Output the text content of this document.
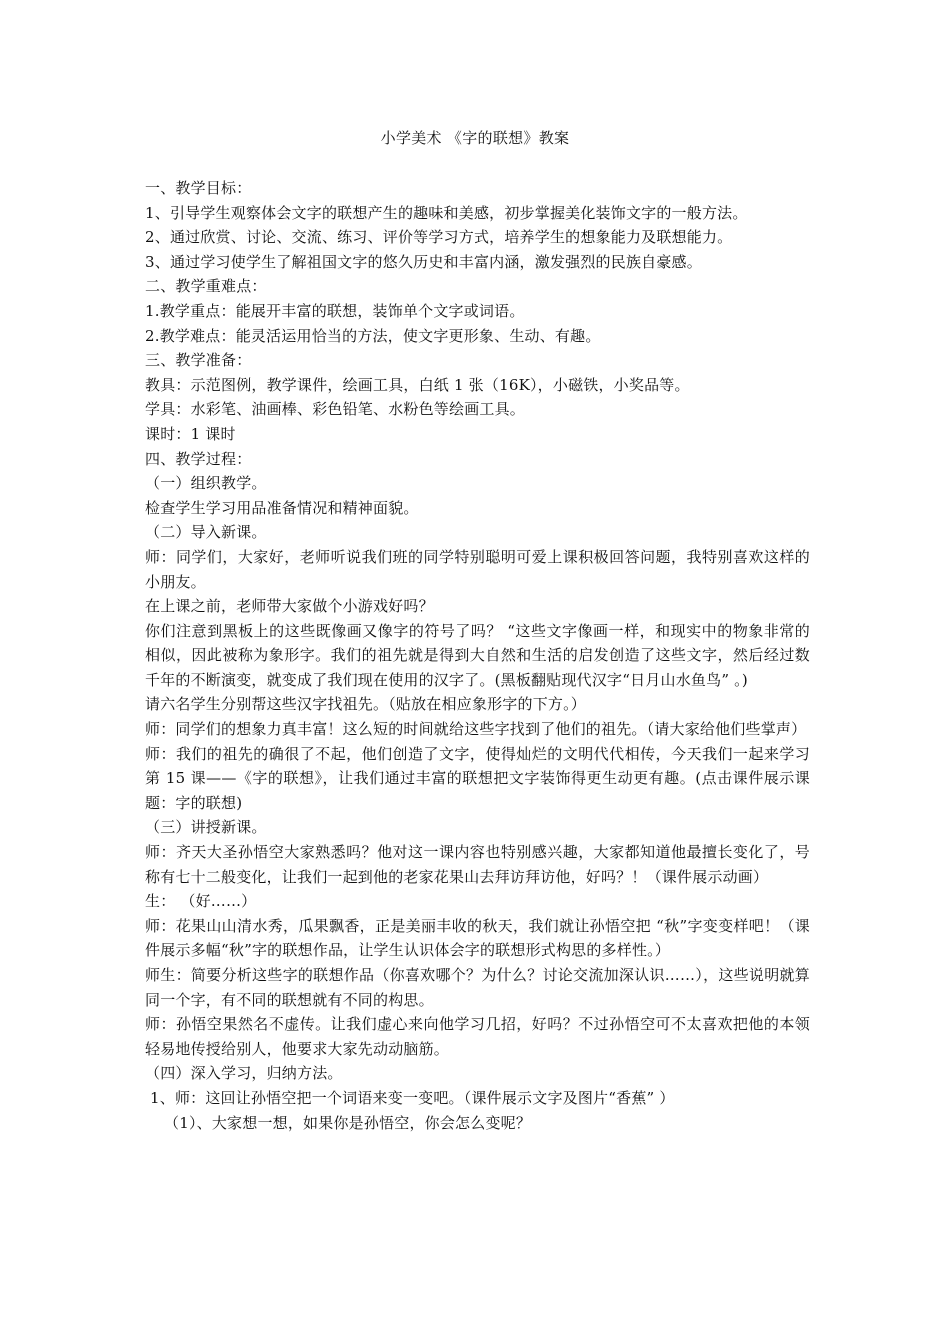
小学美术 《字的联想》教案
一、教学目标：
1、引导学生观察体会文字的联想产生的趣味和美感，初步掌握美化装饰文字的一般方法。
2、通过欣赏、讨论、交流、练习、评价等学习方式，培养学生的想象能力及联想能力。
3、通过学习使学生了解祖国文字的悠久历史和丰富内涵，激发强烈的民族自豪感。
二、教学重难点：
1.教学重点：能展开丰富的联想，装饰单个文字或词语。
2.教学难点：能灵活运用恰当的方法，使文字更形象、生动、有趣。
三、教学准备：
教具：示范图例，教学课件，绘画工具，白纸 1 张（16K），小磁铁，小奖品等。
学具：水彩笔、油画棒、彩色铅笔、水粉色等绘画工具。
课时：1 课时
四、教学过程：
（一）组织教学。
检查学生学习用品准备情况和精神面貌。
（二）导入新课。
师：同学们，大家好，老师听说我们班的同学特别聪明可爱上课积极回答问题，我特别喜欢这样的小朋友。
在上课之前，老师带大家做个小游戏好吗？
你们注意到黑板上的这些既像画又像字的符号了吗？ “这些文字像画一样，和现实中的物象非常的相似，因此被称为象形字。我们的祖先就是得到大自然和生活的启发创造了这些文字，然后经过数千年的不断演变，就变成了我们现在使用的汉字了。(黑板翻贴现代汉字“日月山水鱼鸟” 。)
请六名学生分别帮这些汉字找祖先。（贴放在相应象形字的下方。）
师：同学们的想象力真丰富！这么短的时间就给这些字找到了他们的祖先。（请大家给他们些掌声）
师：我们的祖先的确很了不起，他们创造了文字，使得灿烂的文明代代相传，今天我们一起来学习第 15 课——《字的联想》，让我们通过丰富的联想把文字装饰得更生动更有趣。(点击课件展示课题：字的联想)
（三）讲授新课。
师：齐天大圣孙悟空大家熟悉吗？他对这一课内容也特别感兴趣，大家都知道他最擅长变化了，号称有七十二般变化，让我们一起到他的老家花果山去拜访拜访他，好吗？！（课件展示动画）
生： （好……）
师：花果山山清水秀，瓜果飘香，正是美丽丰收的秋天，我们就让孙悟空把 “秋”字变变样吧！（课件展示多幅“秋”字的联想作品，让学生认识体会字的联想形式构思的多样性。）
师生：简要分析这些字的联想作品（你喜欢哪个？为什么？讨论交流加深认识……），这些说明就算同一个字，有不同的联想就有不同的构思。
师：孙悟空果然名不虚传。让我们虚心来向他学习几招，好吗？不过孙悟空可不太喜欢把他的本领轻易地传授给别人，他要求大家先动动脑筋。
（四）深入学习，归纳方法。
1、师：这回让孙悟空把一个词语来变一变吧。（课件展示文字及图片“香蕉” ）
（1）、大家想一想，如果你是孙悟空，你会怎么变呢？
